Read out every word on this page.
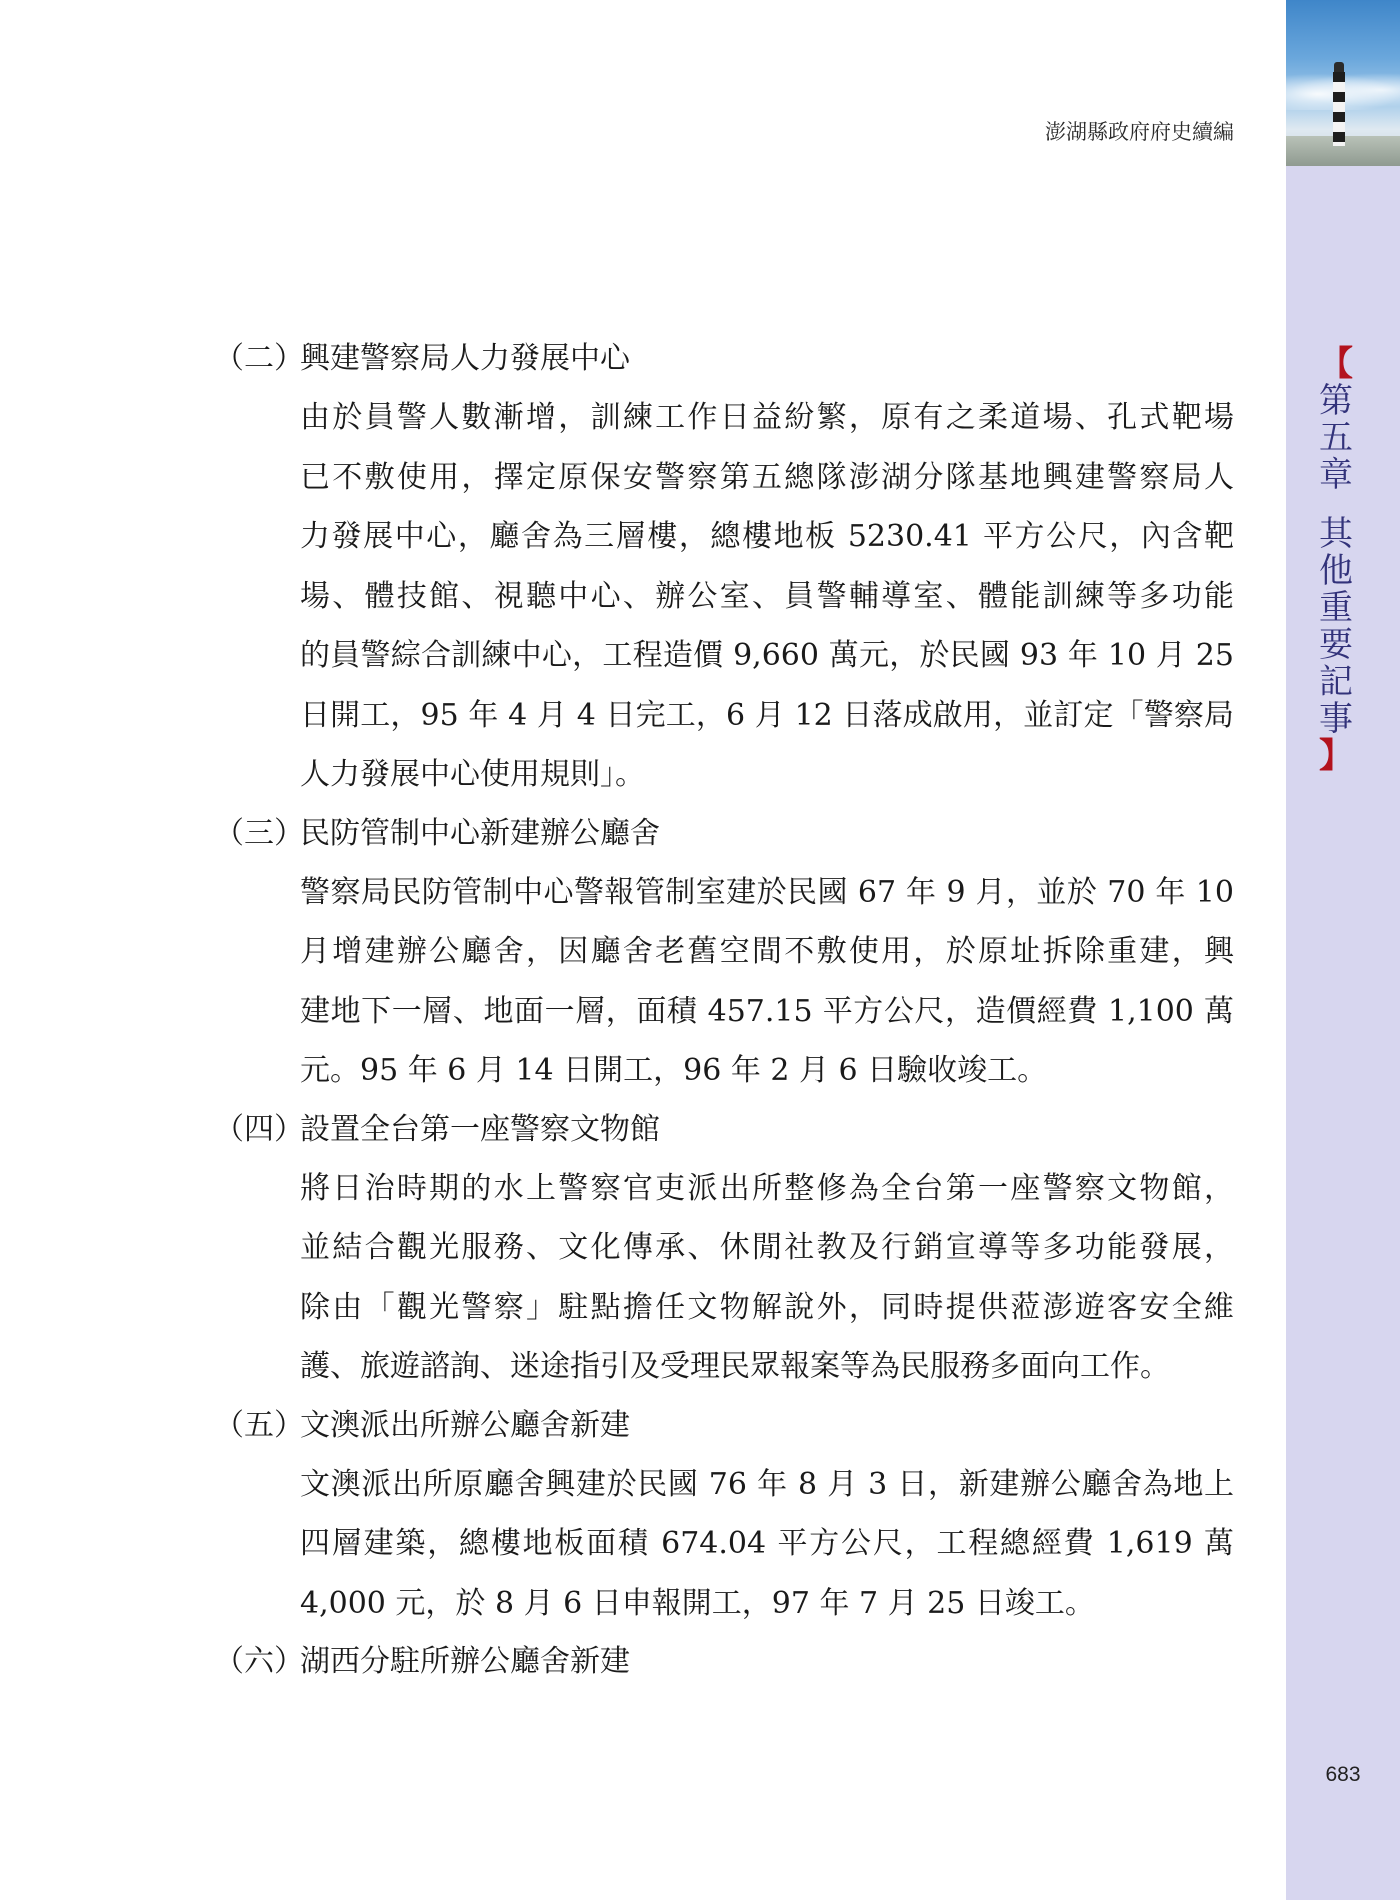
【
第
五
章
其
他
重
要
記
事
】
澎湖縣政府府史續編
683
（二）
興建警察局人力發展中心
由於員警人數漸增，訓練工作日益紛繁，原有之柔道場、孔式靶場
已不敷使用，擇定原保安警察第五總隊澎湖分隊基地興建警察局人
力發展中心，廳舍為三層樓，總樓地板 5230.41 平方公尺，內含靶
場、體技館、視聽中心、辦公室、員警輔導室、體能訓練等多功能
的員警綜合訓練中心，工程造價 9,660 萬元，於民國 93 年 10 月 25
日開工，95 年 4 月 4 日完工，6 月 12 日落成啟用，並訂定「警察局
人力發展中心使用規則」。
（三）
民防管制中心新建辦公廳舍
警察局民防管制中心警報管制室建於民國 67 年 9 月，並於 70 年 10
月增建辦公廳舍，因廳舍老舊空間不敷使用，於原址拆除重建，興
建地下一層、地面一層，面積 457.15 平方公尺，造價經費 1,100 萬
元。95 年 6 月 14 日開工，96 年 2 月 6 日驗收竣工。
（四）
設置全台第一座警察文物館
將日治時期的水上警察官吏派出所整修為全台第一座警察文物館，
並結合觀光服務、文化傳承、休閒社教及行銷宣導等多功能發展，
除由「觀光警察」駐點擔任文物解說外，同時提供蒞澎遊客安全維
護、旅遊諮詢、迷途指引及受理民眾報案等為民服務多面向工作。
（五）
文澳派出所辦公廳舍新建
文澳派出所原廳舍興建於民國 76 年 8 月 3 日，新建辦公廳舍為地上
四層建築，總樓地板面積 674.04 平方公尺，工程總經費 1,619 萬
4,000 元，於 8 月 6 日申報開工，97 年 7 月 25 日竣工。
（六）
湖西分駐所辦公廳舍新建
